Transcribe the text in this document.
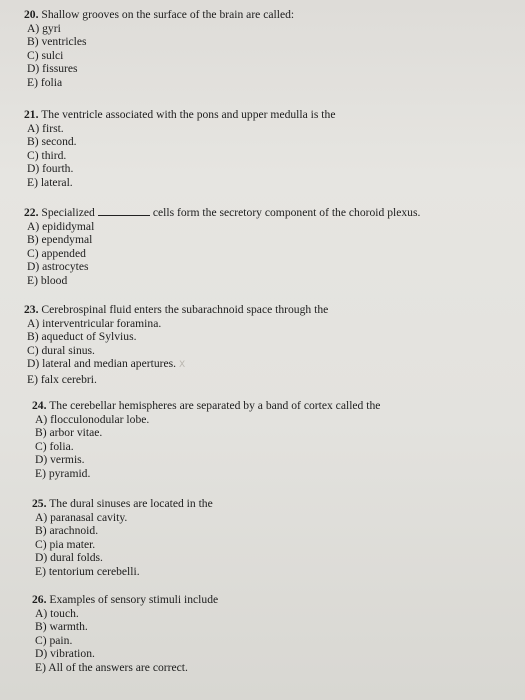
20. Shallow grooves on the surface of the brain are called:
A) gyri
B) ventricles
C) sulci
D) fissures
E) folia
21. The ventricle associated with the pons and upper medulla is the
A) first.
B) second.
C) third.
D) fourth.
E) lateral.
22. Specialized	cells form the secretory component of the choroid plexus.
A) epididymal
B) ependymal
C) appended
D) astrocytes
E) blood
23. Cerebrospinal fluid enters the subarachnoid space through the
A) interventricular foramina.
B) aqueduct of Sylvius.
C) dural sinus.
D) lateral and median apertures. X
E) falx cerebri.
24. The cerebellar hemispheres are separated by a band of cortex called the
A) flocculonodular lobe.
B) arbor vitae.
C) folia.
D) vermis.
E) pyramid.
25. The dural sinuses are located in the
A) paranasal cavity.
B) arachnoid.
C) pia mater.
D) dural folds.
E) tentorium cerebelli.
26. Examples of sensory stimuli include
A) touch.
B) warmth.
C) pain.
D) vibration.
E) All of the answers are correct.
